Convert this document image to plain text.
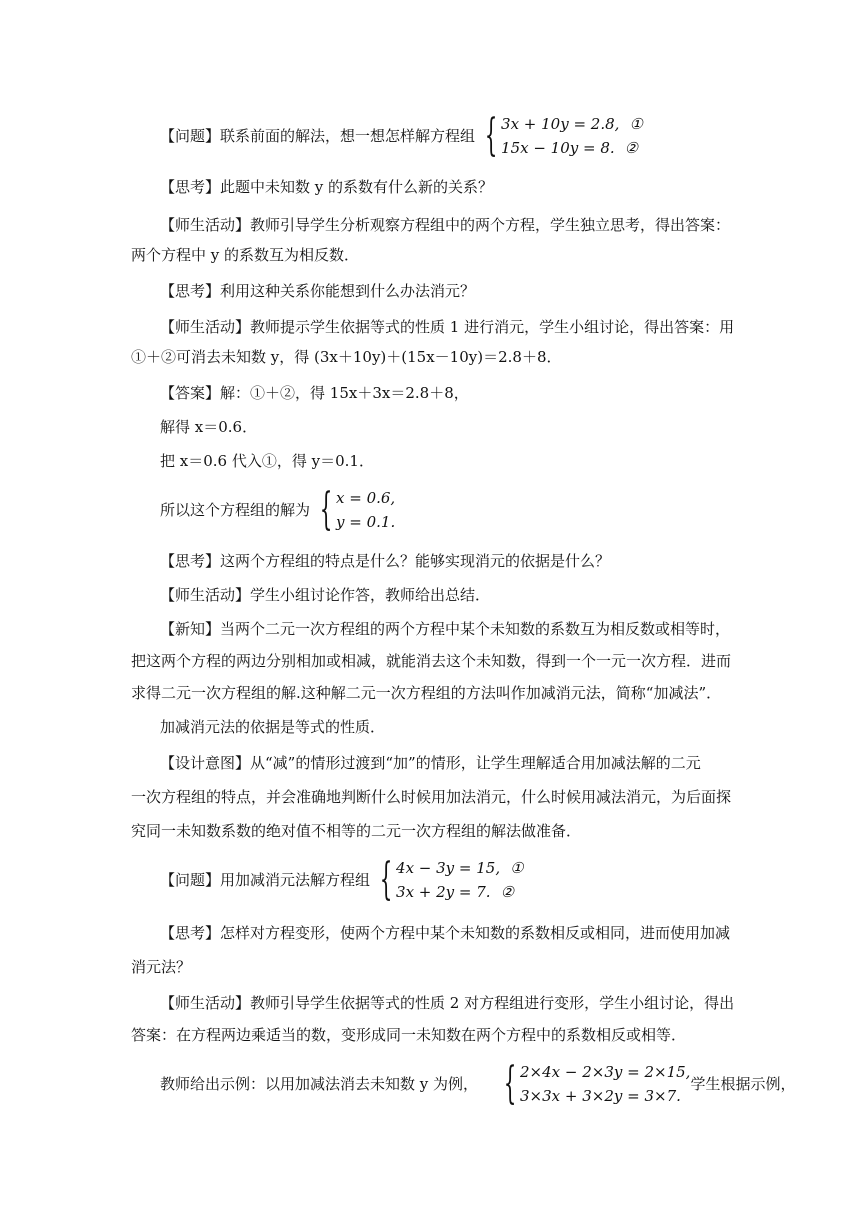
【问题】联系前面的解法，想一想怎样解方程组 { 3x + 10y = 2.8, ①
15x − 10y = 8. ②
【思考】此题中未知数 y 的系数有什么新的关系？
【师生活动】教师引导学生分析观察方程组中的两个方程，学生独立思考，得出答案：
两个方程中 y 的系数互为相反数．
【思考】利用这种关系你能想到什么办法消元？
【师生活动】教师提示学生依据等式的性质 1 进行消元，学生小组讨论，得出答案：用
①＋②可消去未知数 y，得 (3x＋10y)＋(15x－10y)＝2.8＋8．
【答案】解：①＋②，得 15x＋3x＝2.8＋8，
解得 x＝0.6．
把 x＝0.6 代入①，得 y＝0.1．
所以这个方程组的解为 { x = 0.6,
y = 0.1.
【思考】这两个方程组的特点是什么？能够实现消元的依据是什么？
【师生活动】学生小组讨论作答，教师给出总结．
【新知】当两个二元一次方程组的两个方程中某个未知数的系数互为相反数或相等时，
把这两个方程的两边分别相加或相减，就能消去这个未知数，得到一个一元一次方程．进而
求得二元一次方程组的解.这种解二元一次方程组的方法叫作加减消元法，简称“加减法”．
加减消元法的依据是等式的性质．
【设计意图】从“减”的情形过渡到“加”的情形，让学生理解适合用加减法解的二元
一次方程组的特点，并会准确地判断什么时候用加法消元，什么时候用减法消元，为后面探
究同一未知数系数的绝对值不相等的二元一次方程组的解法做准备．
【问题】用加减消元法解方程组 { 4x − 3y = 15, ①
3x + 2y = 7. ②
【思考】怎样对方程变形，使两个方程中某个未知数的系数相反或相同，进而使用加减
消元法？
【师生活动】教师引导学生依据等式的性质 2 对方程组进行变形，学生小组讨论，得出
答案：在方程两边乘适当的数，变形成同一未知数在两个方程中的系数相反或相等．
教师给出示例：以用加减法消去未知数 y 为例， { 2×4x − 2×3y = 2×15,
3×3x + 3×2y = 3×7.
学生根据示例，
